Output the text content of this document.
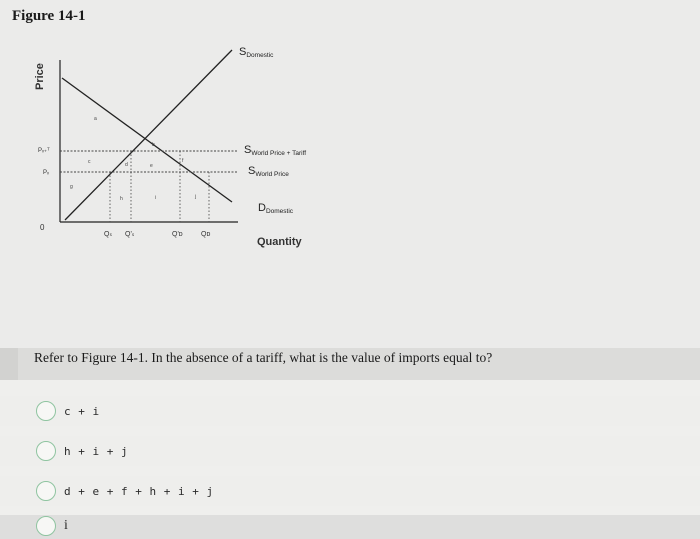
Figure 14-1
Price
Quantity
0
Pᵥ₊ᵀ
Pᵥ
Qₛ Q'ₛ	Q'ᴅ	Qᴅ
SDomestic
SWorld Price + Tariff
SWorld Price
DDomestic
a
b
c	d	e
f
g
h	i	j

Refer to Figure 14-1. In the absence of a tariff, what is the value of imports equal to?

c + i
h + i + j
d + e + f + h + i + j
i
